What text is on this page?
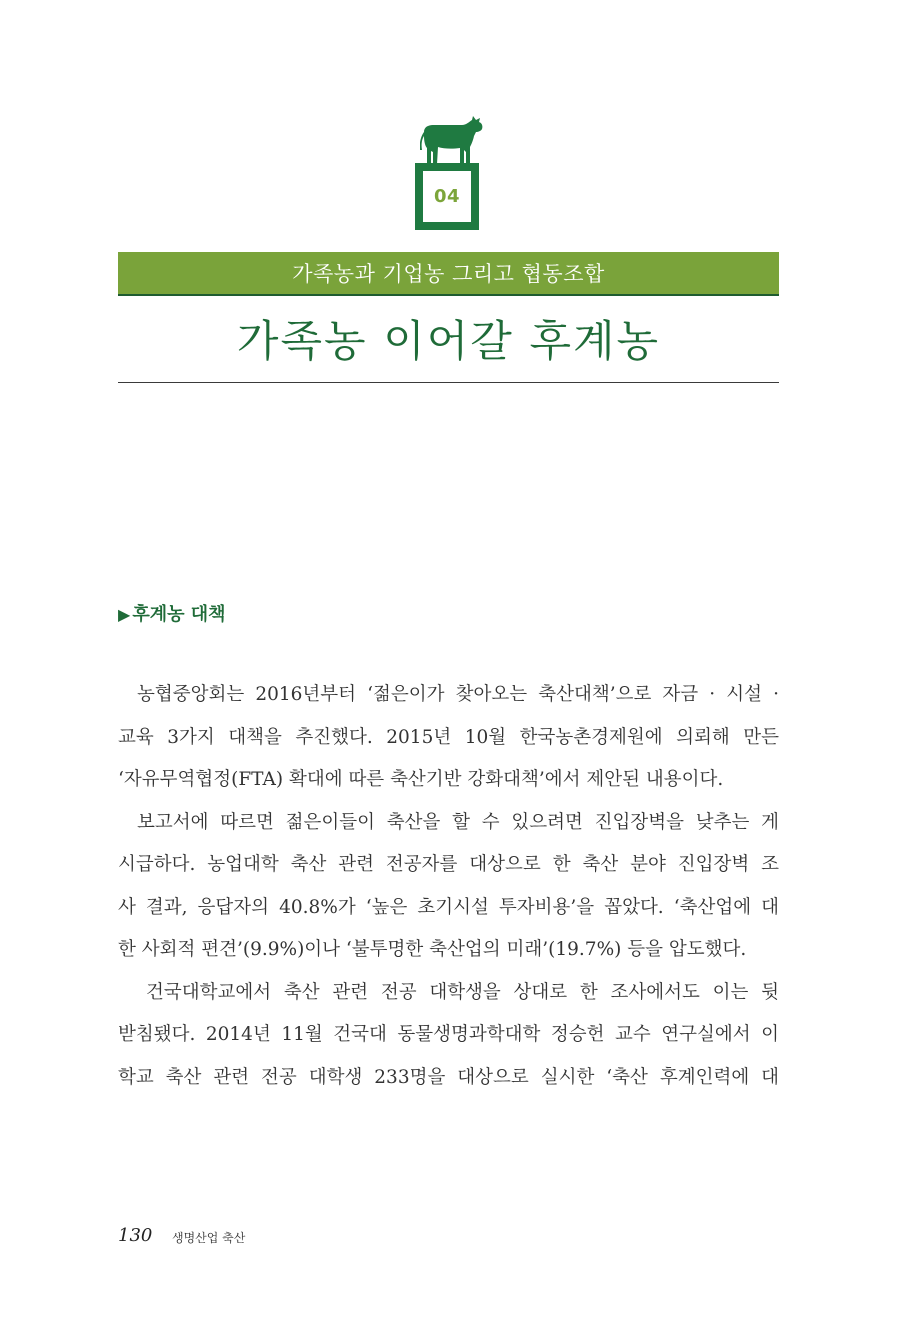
04
가족농과 기업농 그리고 협동조합
가족농 이어갈 후계농
▶ 후계농 대책
농협중앙회는 2016년부터 ‘젊은이가 찾아오는 축산대책’으로 자금 · 시설 ·
교육 3가지 대책을 추진했다. 2015년 10월 한국농촌경제원에 의뢰해 만든
‘자유무역협정(FTA) 확대에 따른 축산기반 강화대책’에서 제안된 내용이다.
보고서에 따르면 젊은이들이 축산을 할 수 있으려면 진입장벽을 낮추는 게
시급하다. 농업대학 축산 관련 전공자를 대상으로 한 축산 분야 진입장벽 조
사 결과, 응답자의 40.8%가 ‘높은 초기시설 투자비용’을 꼽았다. ‘축산업에 대
한 사회적 편견’(9.9%)이나 ‘불투명한 축산업의 미래’(19.7%) 등을 압도했다.
건국대학교에서 축산 관련 전공 대학생을 상대로 한 조사에서도 이는 뒷
받침됐다. 2014년 11월 건국대 동물생명과학대학 정승헌 교수 연구실에서 이
학교 축산 관련 전공 대학생 233명을 대상으로 실시한 ‘축산 후계인력에 대
130 생명산업 축산
